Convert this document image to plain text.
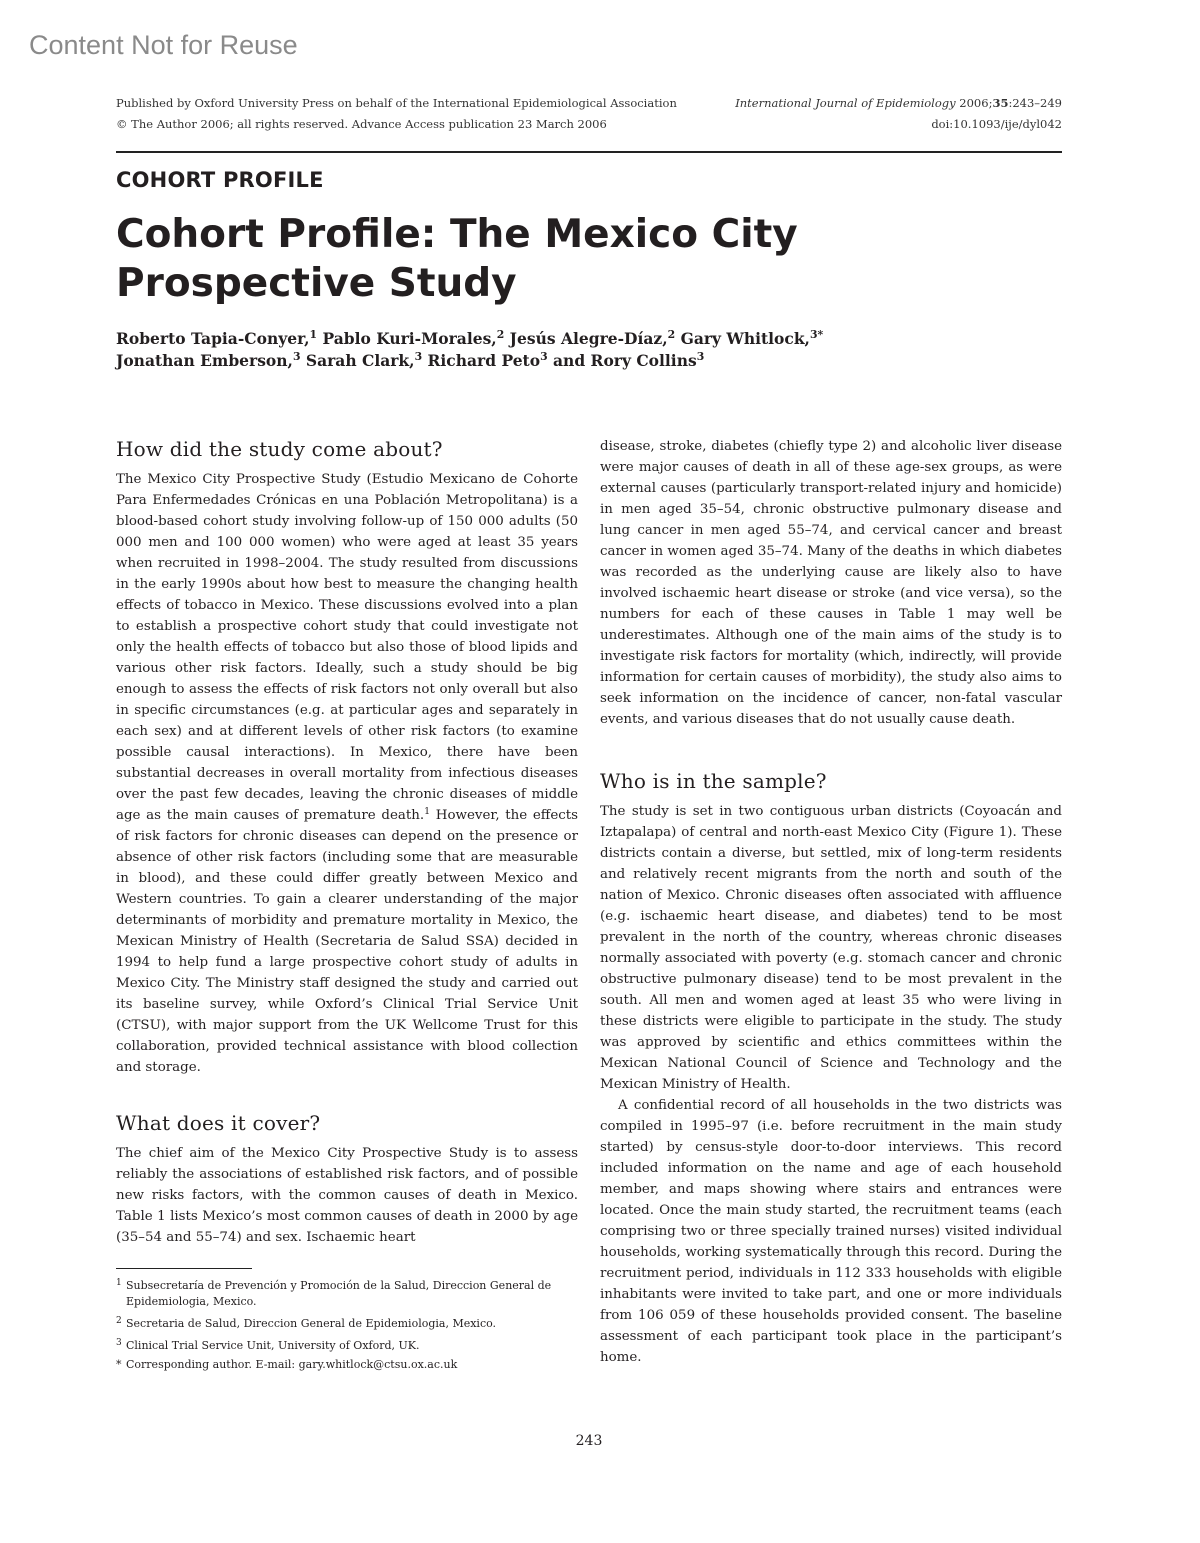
Content Not for Reuse
Published by Oxford University Press on behalf of the International Epidemiological Association
© The Author 2006; all rights reserved. Advance Access publication 23 March 2006
International Journal of Epidemiology 2006;35:243–249
doi:10.1093/ije/dyl042
COHORT PROFILE
Cohort Profile: The Mexico City Prospective Study
Roberto Tapia-Conyer,$^1$ Pablo Kuri-Morales,$^2$ Jesús Alegre-Díaz,$^2$ Gary Whitlock,$^{3*}$
Jonathan Emberson,$^3$ Sarah Clark,$^3$ Richard Peto$^3$ and Rory Collins$^3$
How did the study come about?

The Mexico City Prospective Study (Estudio Mexicano de Cohorte Para Enfermedades Crónicas en una Población Metropolitana) is a blood-based cohort study involving follow-up of 150 000 adults (50 000 men and 100 000 women) who were aged at least 35 years when recruited in 1998–2004. The study resulted from discussions in the early 1990s about how best to measure the changing health effects of tobacco in Mexico. These discussions evolved into a plan to establish a prospective cohort study that could investigate not only the health effects of tobacco but also those of blood lipids and various other risk factors. Ideally, such a study should be big enough to assess the effects of risk factors not only overall but also in specific circumstances (e.g. at particular ages and separately in each sex) and at different levels of other risk factors (to examine possible causal interactions). In Mexico, there have been substantial decreases in overall mortality from infectious diseases over the past few decades, leaving the chronic diseases of middle age as the main causes of premature death.$^1$ However, the effects of risk factors for chronic diseases can depend on the presence or absence of other risk factors (including some that are measurable in blood), and these could differ greatly between Mexico and Western countries. To gain a clearer understanding of the major determinants of morbidity and premature mortality in Mexico, the Mexican Ministry of Health (Secretaria de Salud SSA) decided in 1994 to help fund a large prospective cohort study of adults in Mexico City. The Ministry staff designed the study and carried out its baseline survey, while Oxford’s Clinical Trial Service Unit (CTSU), with major support from the UK Wellcome Trust for this collaboration, provided technical assistance with blood collection and storage.

What does it cover?

The chief aim of the Mexico City Prospective Study is to assess reliably the associations of established risk factors, and of possible new risks factors, with the common causes of death in Mexico. Table 1 lists Mexico’s most common causes of death in 2000 by age (35–54 and 55–74) and sex. Ischaemic heart

1 Subsecretaría de Prevención y Promoción de la Salud, Direccion General de Epidemiologia, Mexico.

2 Secretaria de Salud, Direccion General de Epidemiologia, Mexico.

3 Clinical Trial Service Unit, University of Oxford, UK.

* Corresponding author. E-mail: gary.whitlock@ctsu.ox.ac.uk

disease, stroke, diabetes (chiefly type 2) and alcoholic liver disease were major causes of death in all of these age-sex groups, as were external causes (particularly transport-related injury and homicide) in men aged 35–54, chronic obstructive pulmonary disease and lung cancer in men aged 55–74, and cervical cancer and breast cancer in women aged 35–74. Many of the deaths in which diabetes was recorded as the underlying cause are likely also to have involved ischaemic heart disease or stroke (and vice versa), so the numbers for each of these causes in Table 1 may well be underestimates. Although one of the main aims of the study is to investigate risk factors for mortality (which, indirectly, will provide information for certain causes of morbidity), the study also aims to seek information on the incidence of cancer, non-fatal vascular events, and various diseases that do not usually cause death.

Who is in the sample?

The study is set in two contiguous urban districts (Coyoacán and Iztapalapa) of central and north-east Mexico City (Figure 1). These districts contain a diverse, but settled, mix of long-term residents and relatively recent migrants from the north and south of the nation of Mexico. Chronic diseases often associated with affluence (e.g. ischaemic heart disease, and diabetes) tend to be most prevalent in the north of the country, whereas chronic diseases normally associated with poverty (e.g. stomach cancer and chronic obstructive pulmonary disease) tend to be most prevalent in the south. All men and women aged at least 35 who were living in these districts were eligible to participate in the study. The study was approved by scientific and ethics committees within the Mexican National Council of Science and Technology and the Mexican Ministry of Health.

A confidential record of all households in the two districts was compiled in 1995–97 (i.e. before recruitment in the main study started) by census-style door-to-door interviews. This record included information on the name and age of each household member, and maps showing where stairs and entrances were located. Once the main study started, the recruitment teams (each comprising two or three specially trained nurses) visited individual households, working systematically through this record. During the recruitment period, individuals in 112 333 households with eligible inhabitants were invited to take part, and one or more individuals from 106 059 of these households provided consent. The baseline assessment of each participant took place in the participant’s home.

243
